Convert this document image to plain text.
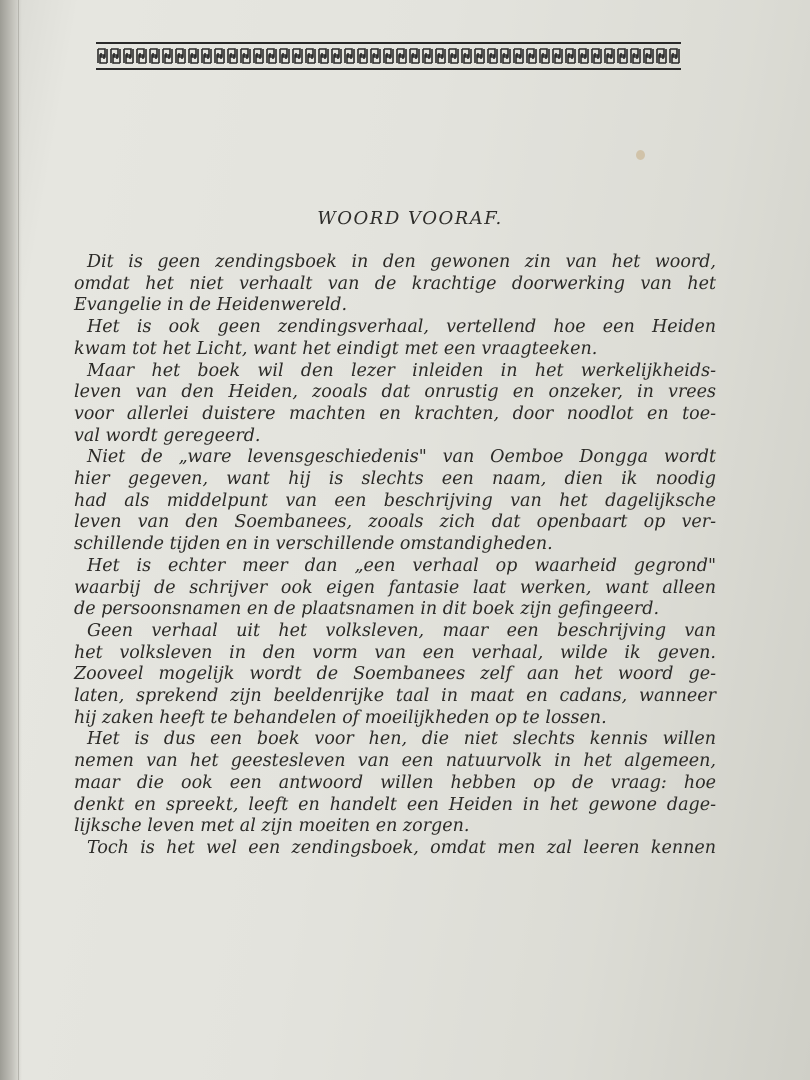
WOORD VOORAF.
Dit is geen zendingsboek in den gewonen zin van het woord,
omdat het niet verhaalt van de krachtige doorwerking van het
Evangelie in de Heidenwereld.
Het is ook geen zendingsverhaal, vertellend hoe een Heiden
kwam tot het Licht, want het eindigt met een vraagteeken.
Maar het boek wil den lezer inleiden in het werkelijkheids-
leven van den Heiden, zooals dat onrustig en onzeker, in vrees
voor allerlei duistere machten en krachten, door noodlot en toe-
val wordt geregeerd.
Niet de „ware levensgeschiedenis" van Oemboe Dongga wordt
hier gegeven, want hij is slechts een naam, dien ik noodig
had als middelpunt van een beschrijving van het dagelijksche
leven van den Soembanees, zooals zich dat openbaart op ver-
schillende tijden en in verschillende omstandigheden.
Het is echter meer dan „een verhaal op waarheid gegrond"
waarbij de schrijver ook eigen fantasie laat werken, want alleen
de persoonsnamen en de plaatsnamen in dit boek zijn gefingeerd.
Geen verhaal uit het volksleven, maar een beschrijving van
het volksleven in den vorm van een verhaal, wilde ik geven.
Zooveel mogelijk wordt de Soembanees zelf aan het woord ge-
laten, sprekend zijn beeldenrijke taal in maat en cadans, wanneer
hij zaken heeft te behandelen of moeilijkheden op te lossen.
Het is dus een boek voor hen, die niet slechts kennis willen
nemen van het geestesleven van een natuurvolk in het algemeen,
maar die ook een antwoord willen hebben op de vraag: hoe
denkt en spreekt, leeft en handelt een Heiden in het gewone dage-
lijksche leven met al zijn moeiten en zorgen.
Toch is het wel een zendingsboek, omdat men zal leeren kennen
